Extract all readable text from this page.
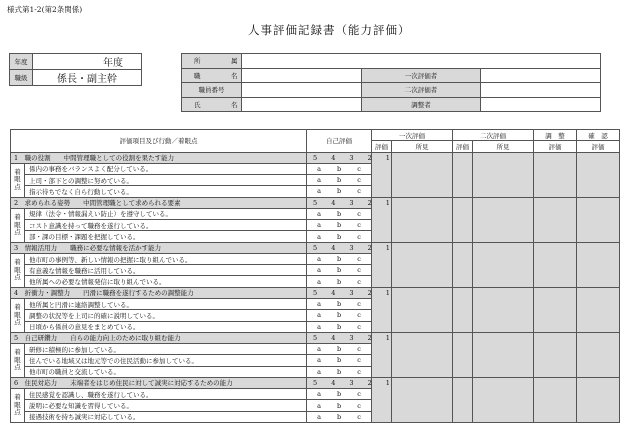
様式第1-2(第2条関係)
人事評価記録書（能力評価）
年度	年度
職級	係長・副主幹
所　属			
職　名		一次評価者	
職員番号		二次評価者	
氏　名		調整者	
評価項目及び行動／着眼点		自己評価	一次評価		二次評価		調　整	確　認
			評価	所見	評価	所見	評価	評価
1　職の役割　　中間管理職としての役割を果たす能力		5 4 3 2 1						
着眼点	係内の事務をバランスよく配分している。	a b c						
	上司・部下との調整に努めている。	a b c						
	指示待ちでなく自ら行動している。	a b c						
2　求められる姿勢　　中間管理職として求められる要素		5 4 3 2 1						
着眼点	規律（法令・情報漏えい防止）を遵守している。	a b c						
	コスト意識を持って職務を遂行している。	a b c						
	部・課の目標・課題を把握している。	a b c						
3　情報活用力　　職務に必要な情報を活かす能力		5 4 3 2 1						
着眼点	他市町の事例等、新しい情報の把握に取り組んでいる。	a b c						
	有意義な情報を職務に活用している。	a b c						
	他所属への必要な情報発信に取り組んでいる。	a b c						
4　折衝力・調整力　　円滑に職務を遂行するための調整能力		5 4 3 2 1						
着眼点	他所属と円滑に連絡調整している。	a b c						
	調整の状況等を上司に的確に説明している。	a b c						
	日頃から係員の意見をまとめている。	a b c						
5　自己研鑽力　　自らの能力向上のために取り組む能力		5 4 3 2 1						
着眼点	研修に積極的に参加している。	a b c						
	住んでいる地域又は地元等での住民活動に参加している。	a b c						
	他市町の職員と交流している。	a b c						
6　住民対応力　　末端者をはじめ住民に対して誠実に対応するための能力		5 4 3 2 1						
着眼点	住民感覚を認識し、職務を遂行している。	a b c						
	説明に必要な知識を習得している。	a b c						
	接遇技術を持ち誠実に対応している。	a b c						
